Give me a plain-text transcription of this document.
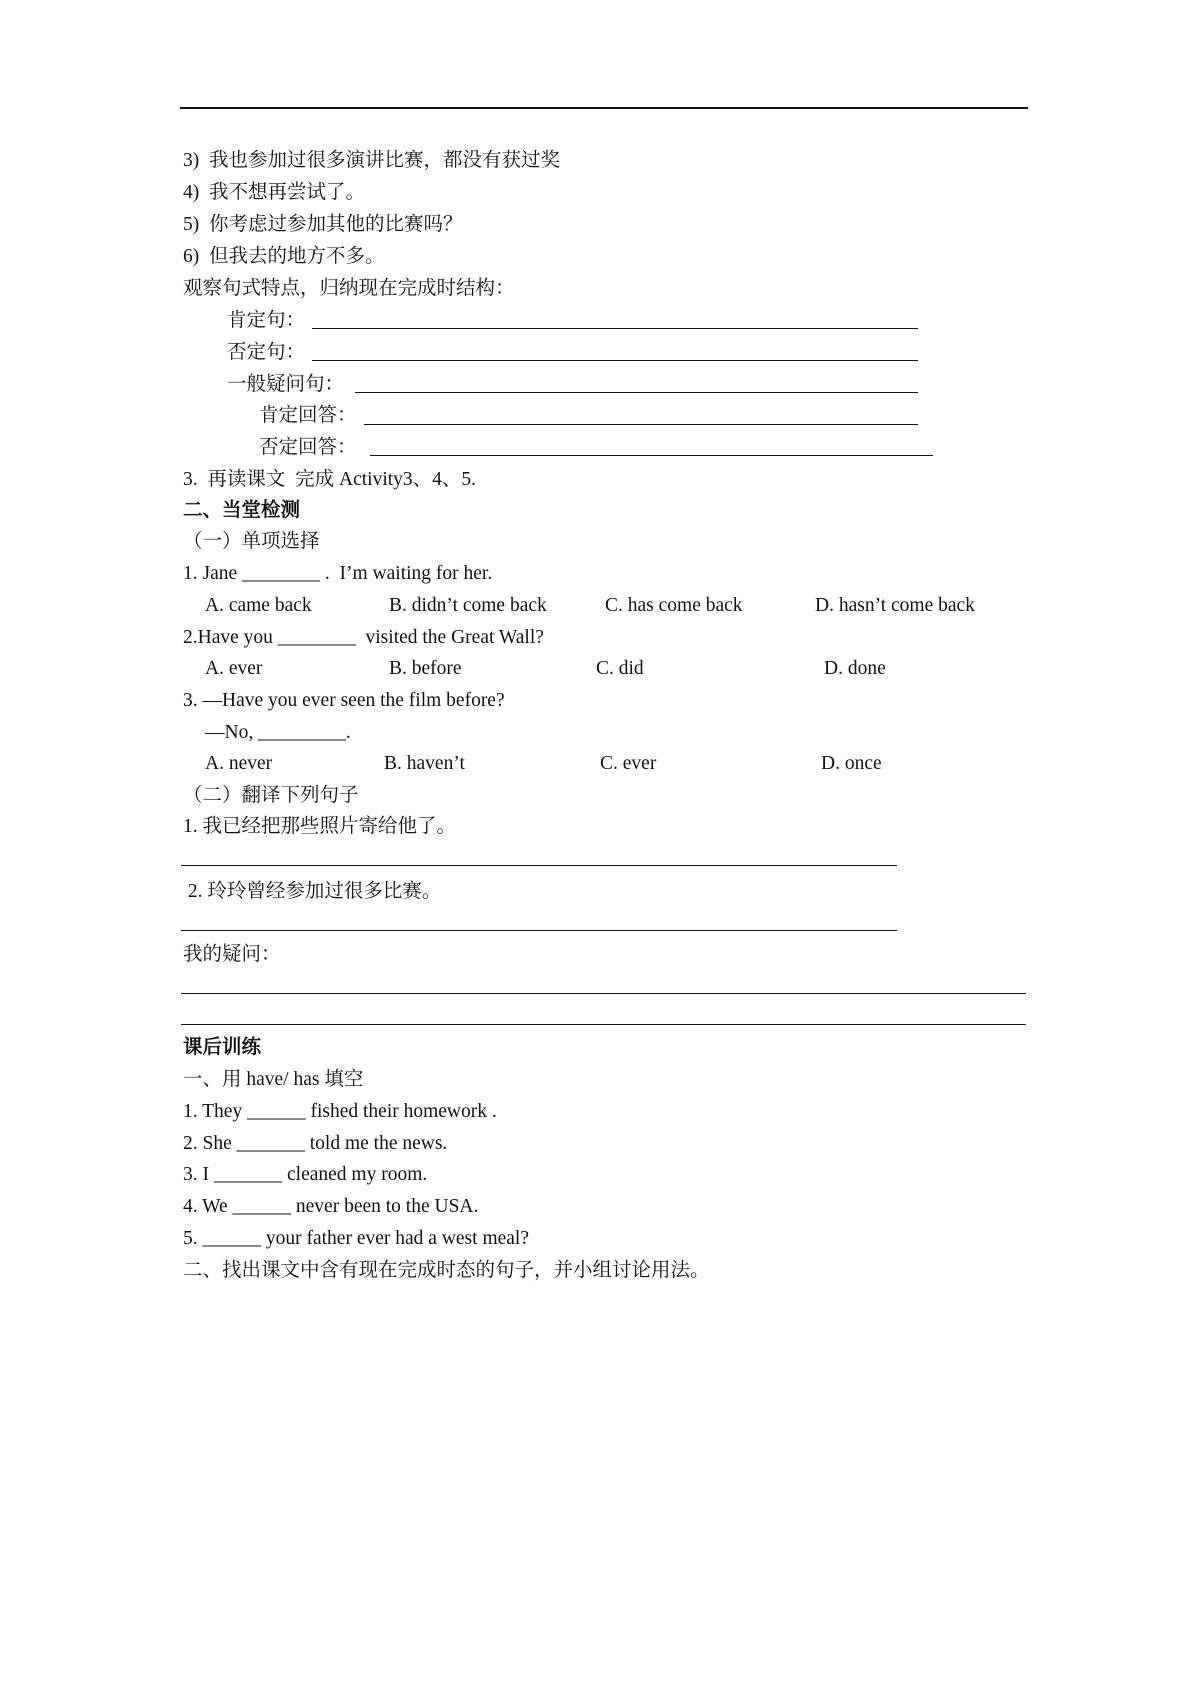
3)  我也参加过很多演讲比赛，都没有获过奖
4)  我不想再尝试了。
5)  你考虑过参加其他的比赛吗？
6)  但我去的地方不多。
观察句式特点，归纳现在完成时结构：
肯定句：
否定句：
一般疑问句：
肯定回答：
否定回答：
3.  再读课文  完成 Activity3、4、5.
二、当堂检测
（一）单项选择
1. Jane ________ .  I’m waiting for her.
A. came back	B. didn’t come back	C. has come back	D. hasn’t come back
2.Have you ________  visited the Great Wall?
A. ever	B. before	C. did	D. done
3. —Have you ever seen the film before?
—No, _________.
A. never	B. haven’t	C. ever	D. once
（二）翻译下列句子
1. 我已经把那些照片寄给他了。
2. 玲玲曾经参加过很多比赛。
我的疑问：
课后训练
一、用 have/ has 填空
1. They ______ fished their homework .
2. She _______ told me the news.
3. I _______ cleaned my room.
4. We ______ never been to the USA.
5. ______ your father ever had a west meal?
二、找出课文中含有现在完成时态的句子，并小组讨论用法。
